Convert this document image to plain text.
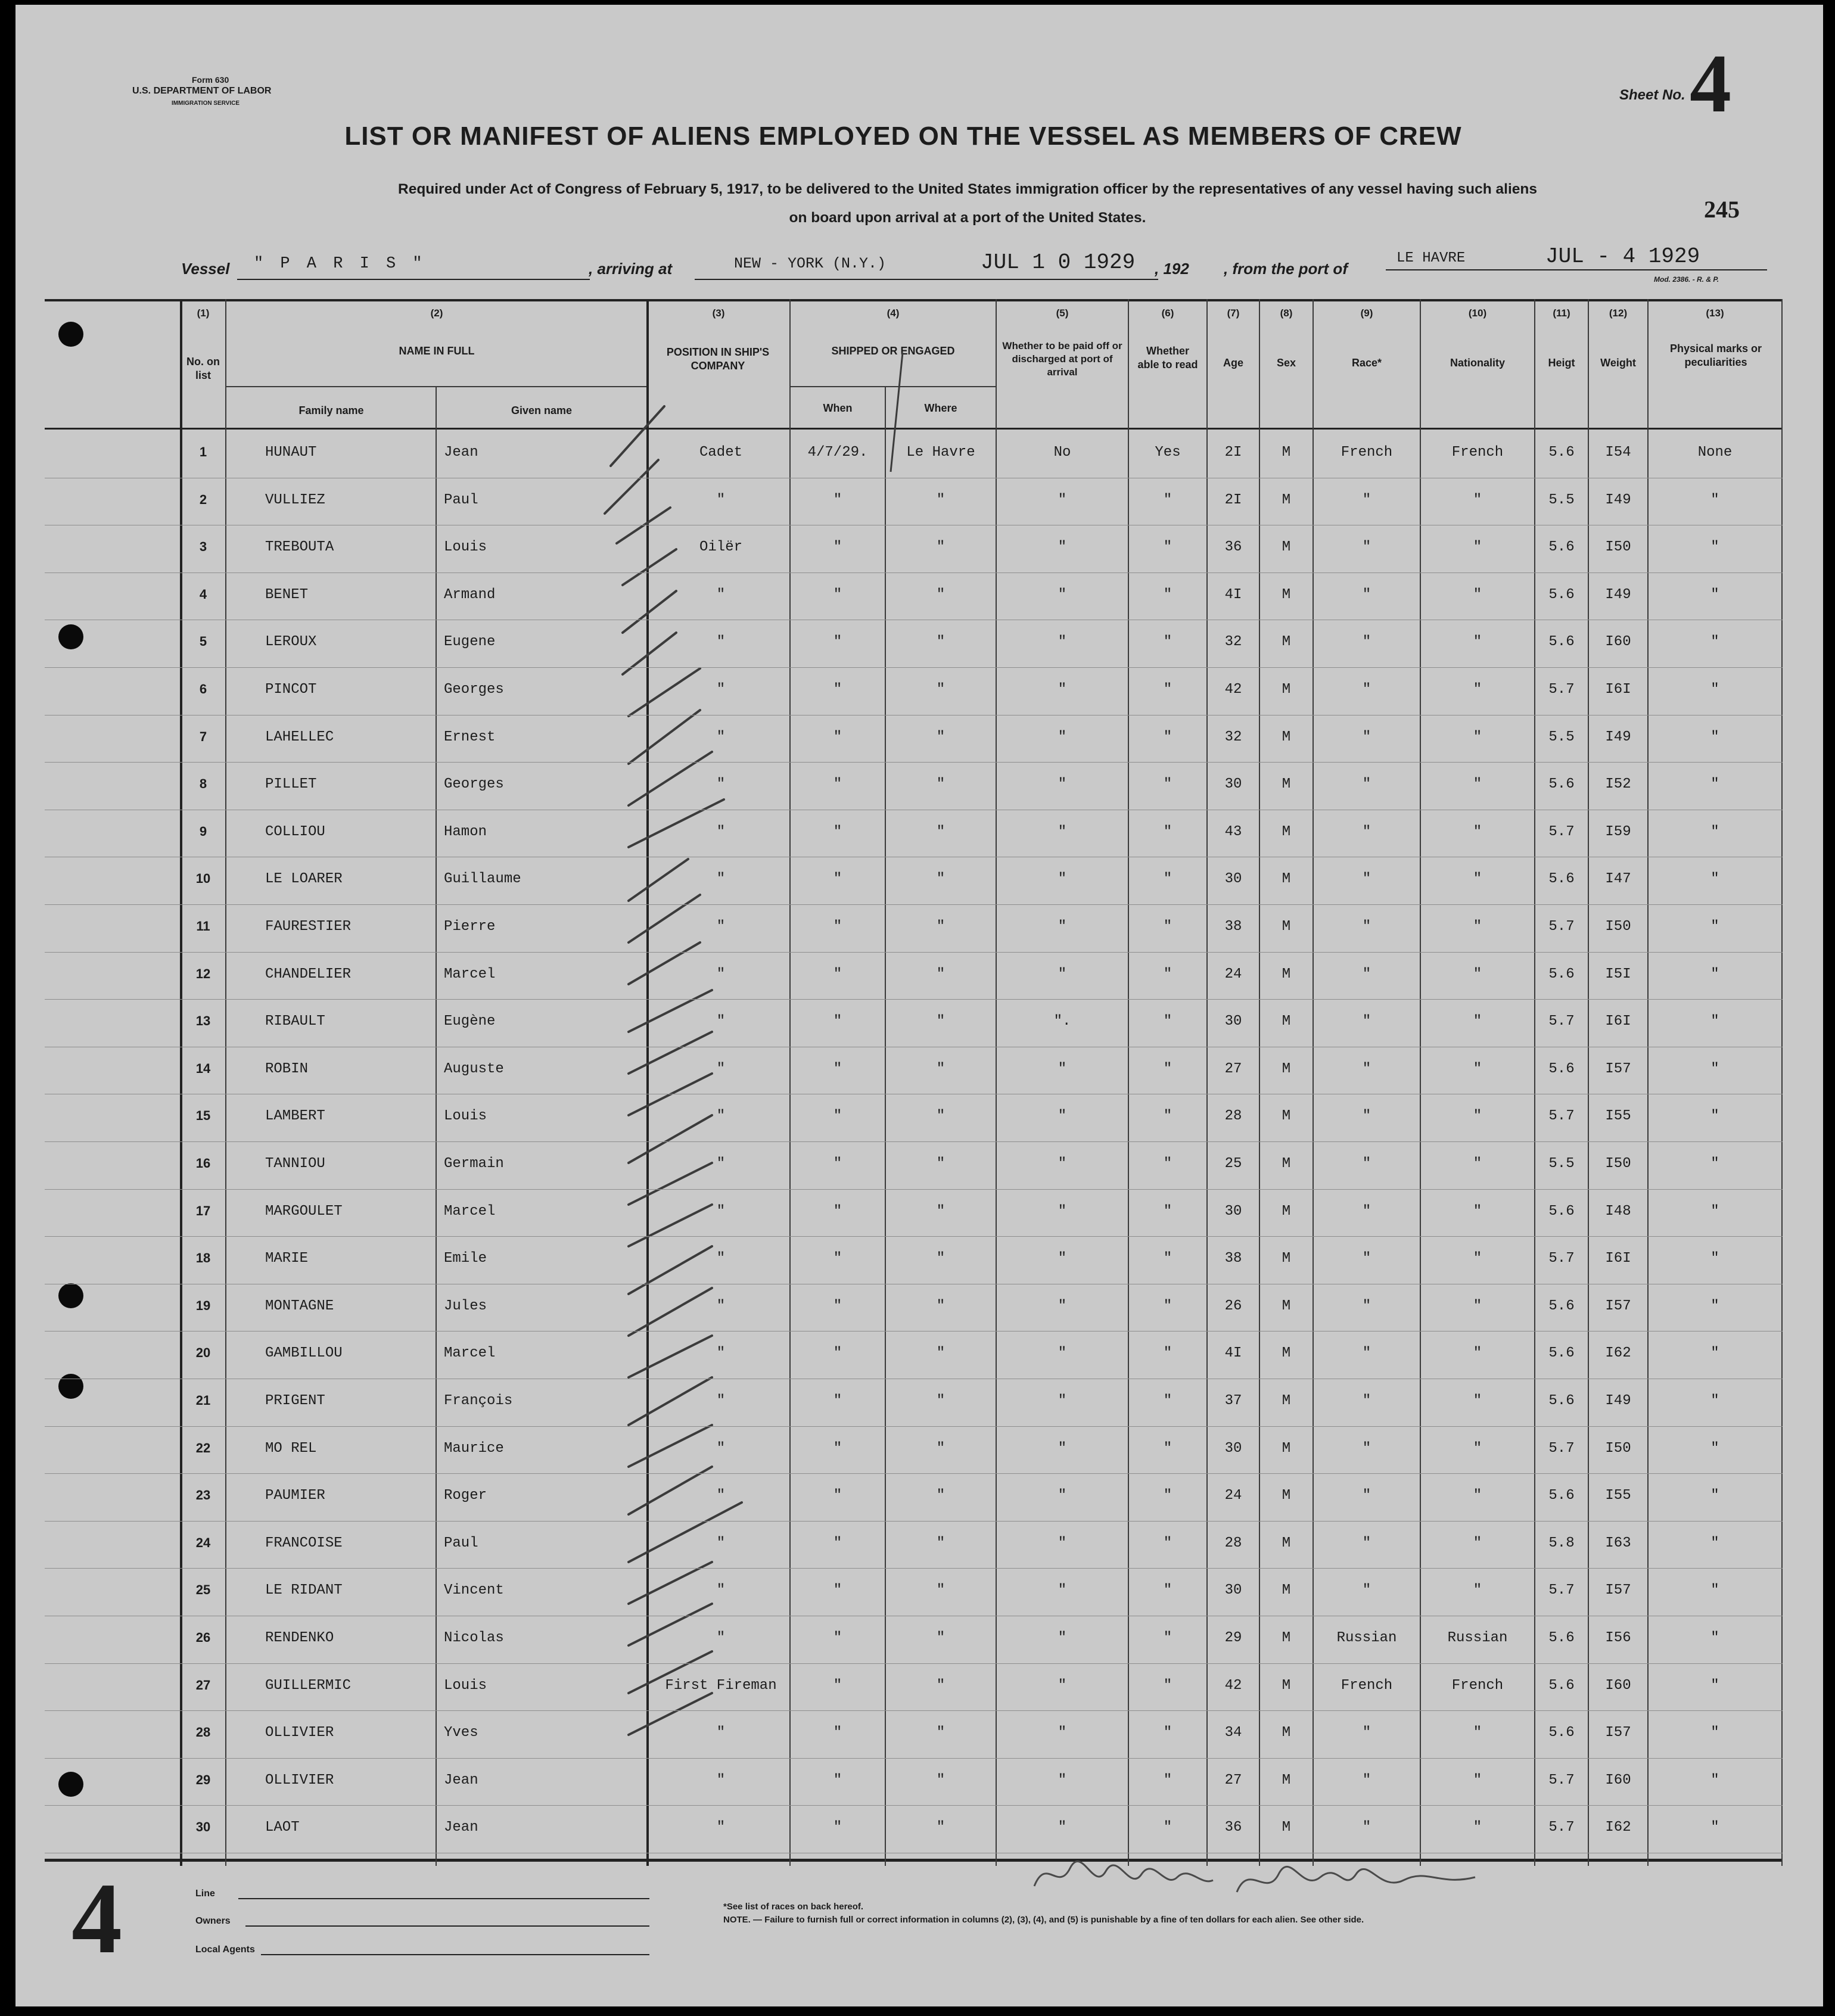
Form 630
U.S. DEPARTMENT OF LABOR
IMMIGRATION SERVICE
Sheet No. 4
LIST OR MANIFEST OF ALIENS EMPLOYED ON THE VESSEL AS MEMBERS OF CREW
Required under Act of Congress of February 5, 1917, to be delivered to the United States immigration officer by the representatives of any vessel having such aliens
on board upon arrival at a port of the United States.	245
Vessel " P A R I S "	, arriving at	NEW - YORK (N.Y.)	JUL 1 0 1929 , 192 , from the port of
LE HAVRE	JUL - 4 1929
Mod. 2386. - R. & P.
(1)	(2)	(3)	(4)	(5)	(6)	(7)	(8)	(9)	(10)	(11)	(12)	(13)
No. on list
NAME IN FULL
Family name	Given name
POSITION IN SHIP'S COMPANY
SHIPPED OR ENGAGED
When	Where
Whether to be paid off or discharged at port of arrival
Whether able to read	Age	Sex	Race*	Nationality	Heigt	Weight
Physical marks or peculiarities
1	HUNAUT	Jean	Cadet	4/7/29.	Le Havre	No	Yes	2I	M	French	French	5.6	I54	None
2	VULLIEZ	Paul	"	"	"	"	"	2I	M	"	"	5.5	I49	"
3	TREBOUTA	Louis	Oilër	"	"	"	"	36	M	"	"	5.6	I50	"
4	BENET	Armand	"	"	"	"	"	4I	M	"	"	5.6	I49	"
5	LEROUX	Eugene	"	"	"	"	"	32	M	"	"	5.6	I60	"
6	PINCOT	Georges	"	"	"	"	"	42	M	"	"	5.7	I6I	"
7	LAHELLEC	Ernest	"	"	"	"	"	32	M	"	"	5.5	I49	"
8	PILLET	Georges	"	"	"	"	"	30	M	"	"	5.6	I52	"
9	COLLIOU	Hamon	"	"	"	"	"	43	M	"	"	5.7	I59	"
10	LE LOARER	Guillaume	"	"	"	"	"	30	M	"	"	5.6	I47	"
11	FAURESTIER	Pierre	"	"	"	"	"	38	M	"	"	5.7	I50	"
12	CHANDELIER	Marcel	"	"	"	"	"	24	M	"	"	5.6	I5I	"
13	RIBAULT	Eugène	"	"	"	".	"	30	M	"	"	5.7	I6I	"
14	ROBIN	Auguste	"	"	"	"	"	27	M	"	"	5.6	I57	"
15	LAMBERT	Louis	"	"	"	"	"	28	M	"	"	5.7	I55	"
16	TANNIOU	Germain	"	"	"	"	"	25	M	"	"	5.5	I50	"
17	MARGOULET	Marcel	"	"	"	"	"	30	M	"	"	5.6	I48	"
18	MARIE	Emile	"	"	"	"	"	38	M	"	"	5.7	I6I	"
19	MONTAGNE	Jules	"	"	"	"	"	26	M	"	"	5.6	I57	"
20	GAMBILLOU	Marcel	"	"	"	"	"	4I	M	"	"	5.6	I62	"
21	PRIGENT	François	"	"	"	"	"	37	M	"	"	5.6	I49	"
22	MO REL	Maurice	"	"	"	"	"	30	M	"	"	5.7	I50	"
23	PAUMIER	Roger	"	"	"	"	"	24	M	"	"	5.6	I55	"
24	FRANCOISE	Paul	"	"	"	"	"	28	M	"	"	5.8	I63	"
25	LE RIDANT	Vincent	"	"	"	"	"	30	M	"	"	5.7	I57	"
26	RENDENKO	Nicolas	"	"	"	"	"	29	M	Russian	Russian	5.6	I56	"
27	GUILLERMIC	Louis	First Fireman	"	"	"	"	42	M	French	French	5.6	I60	"
28	OLLIVIER	Yves	"	"	"	"	"	34	M	"	"	5.6	I57	"
29	OLLIVIER	Jean	"	"	"	"	"	27	M	"	"	5.7	I60	"
30	LAOT	Jean	"	"	"	"	"	36	M	"	"	5.7	I62	"
4	Line
Owners
Local Agents
*See list of races on back hereof.
NOTE. — Failure to furnish full or correct information in columns (2), (3), (4), and (5) is punishable by a fine of ten dollars for each alien. See other side.
